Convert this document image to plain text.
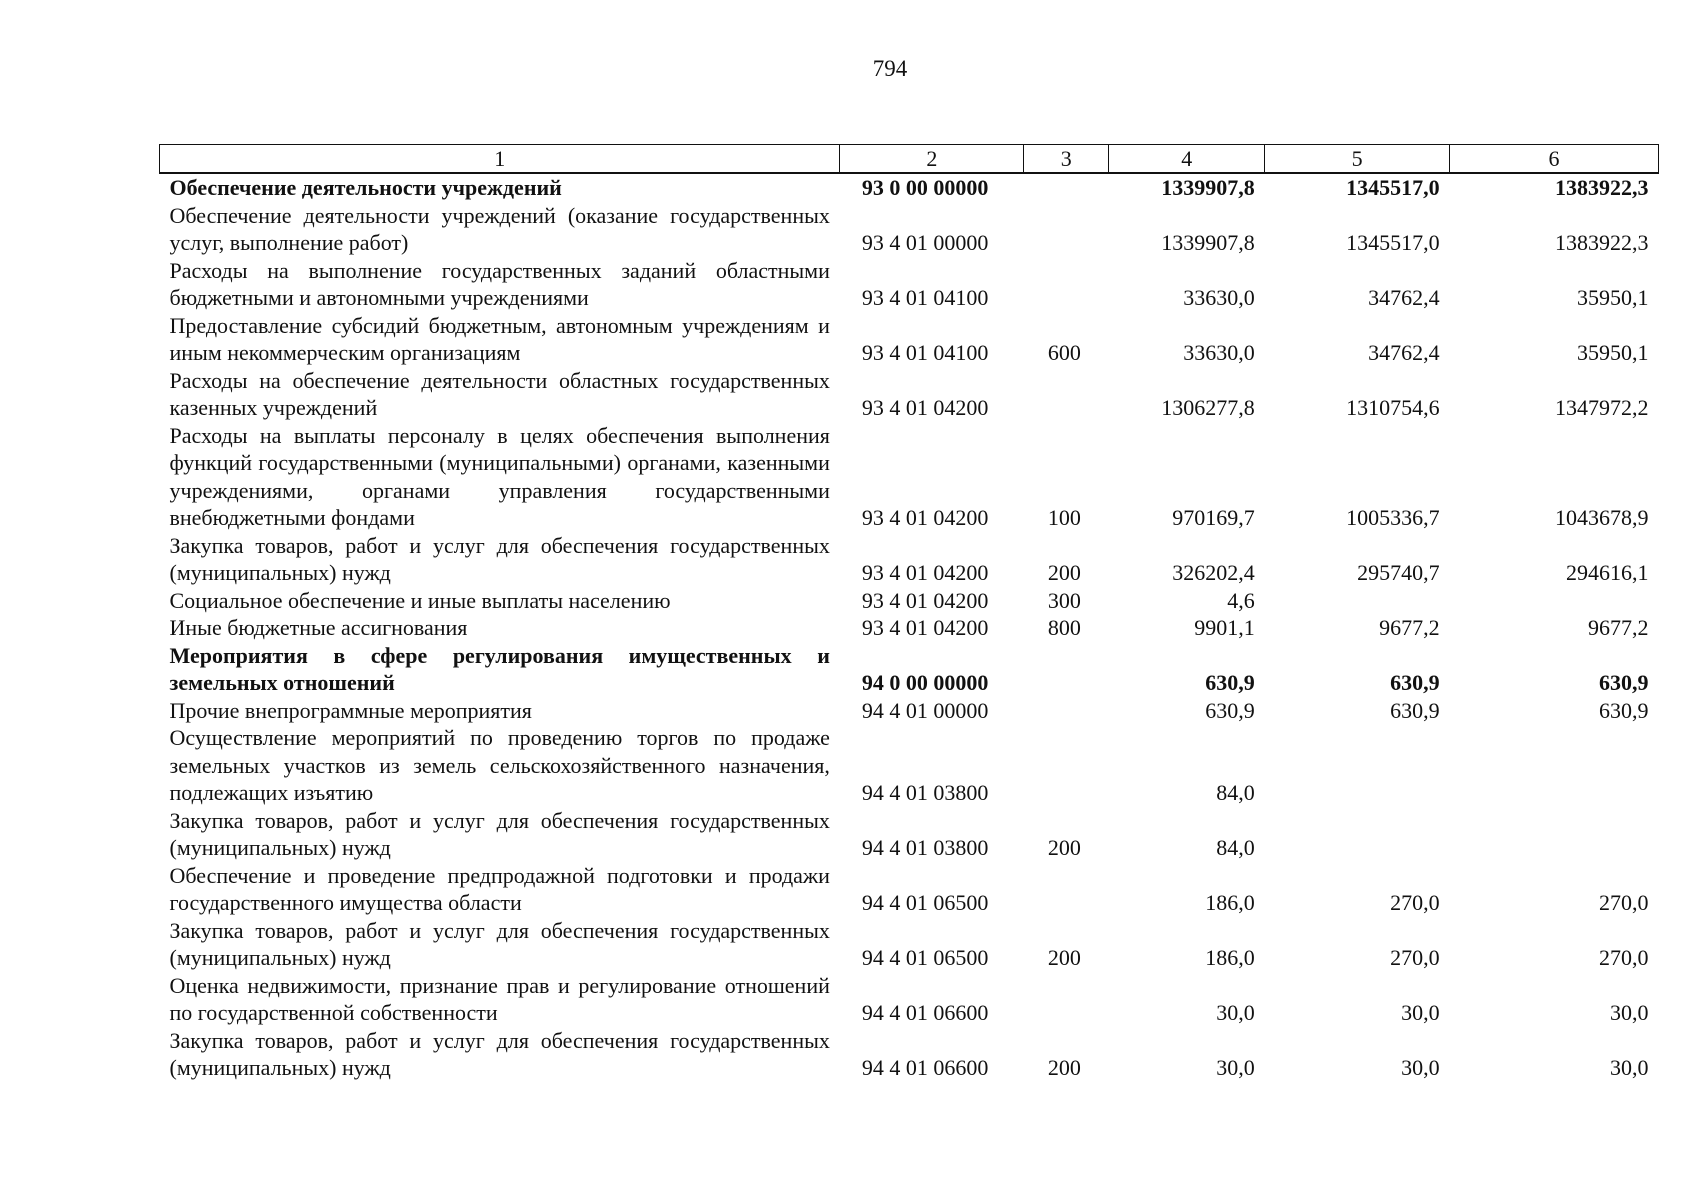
794
1	2	3	4	5	6
Обеспечение деятельности учреждений	93 0 00 00000		1339907,8	1345517,0	1383922,3
Обеспечение деятельности учреждений (оказание государственных услуг, выполнение работ)	93 4 01 00000		1339907,8	1345517,0	1383922,3
Расходы на выполнение государственных заданий областными бюджетными и автономными учреждениями	93 4 01 04100		33630,0	34762,4	35950,1
Предоставление субсидий бюджетным, автономным учреждениям и иным некоммерческим организациям	93 4 01 04100	600	33630,0	34762,4	35950,1
Расходы на обеспечение деятельности областных государственных казенных учреждений	93 4 01 04200		1306277,8	1310754,6	1347972,2
Расходы на выплаты персоналу в целях обеспечения выполнения функций государственными (муниципальными) органами, казенными учреждениями, органами управления государственными внебюджетными фондами	93 4 01 04200	100	970169,7	1005336,7	1043678,9
Закупка товаров, работ и услуг для обеспечения государственных (муниципальных) нужд	93 4 01 04200	200	326202,4	295740,7	294616,1
Социальное обеспечение и иные выплаты населению	93 4 01 04200	300	4,6		
Иные бюджетные ассигнования	93 4 01 04200	800	9901,1	9677,2	9677,2
Мероприятия в сфере регулирования имущественных и земельных отношений	94 0 00 00000		630,9	630,9	630,9
Прочие внепрограммные мероприятия	94 4 01 00000		630,9	630,9	630,9
Осуществление мероприятий по проведению торгов по продаже земельных участков из земель сельскохозяйственного назначения, подлежащих изъятию	94 4 01 03800		84,0		
Закупка товаров, работ и услуг для обеспечения государственных (муниципальных) нужд	94 4 01 03800	200	84,0		
Обеспечение и проведение предпродажной подготовки и продажи государственного имущества области	94 4 01 06500		186,0	270,0	270,0
Закупка товаров, работ и услуг для обеспечения государственных (муниципальных) нужд	94 4 01 06500	200	186,0	270,0	270,0
Оценка недвижимости, признание прав и регулирование отношений по государственной собственности	94 4 01 06600		30,0	30,0	30,0
Закупка товаров, работ и услуг для обеспечения государственных (муниципальных) нужд	94 4 01 06600	200	30,0	30,0	30,0
